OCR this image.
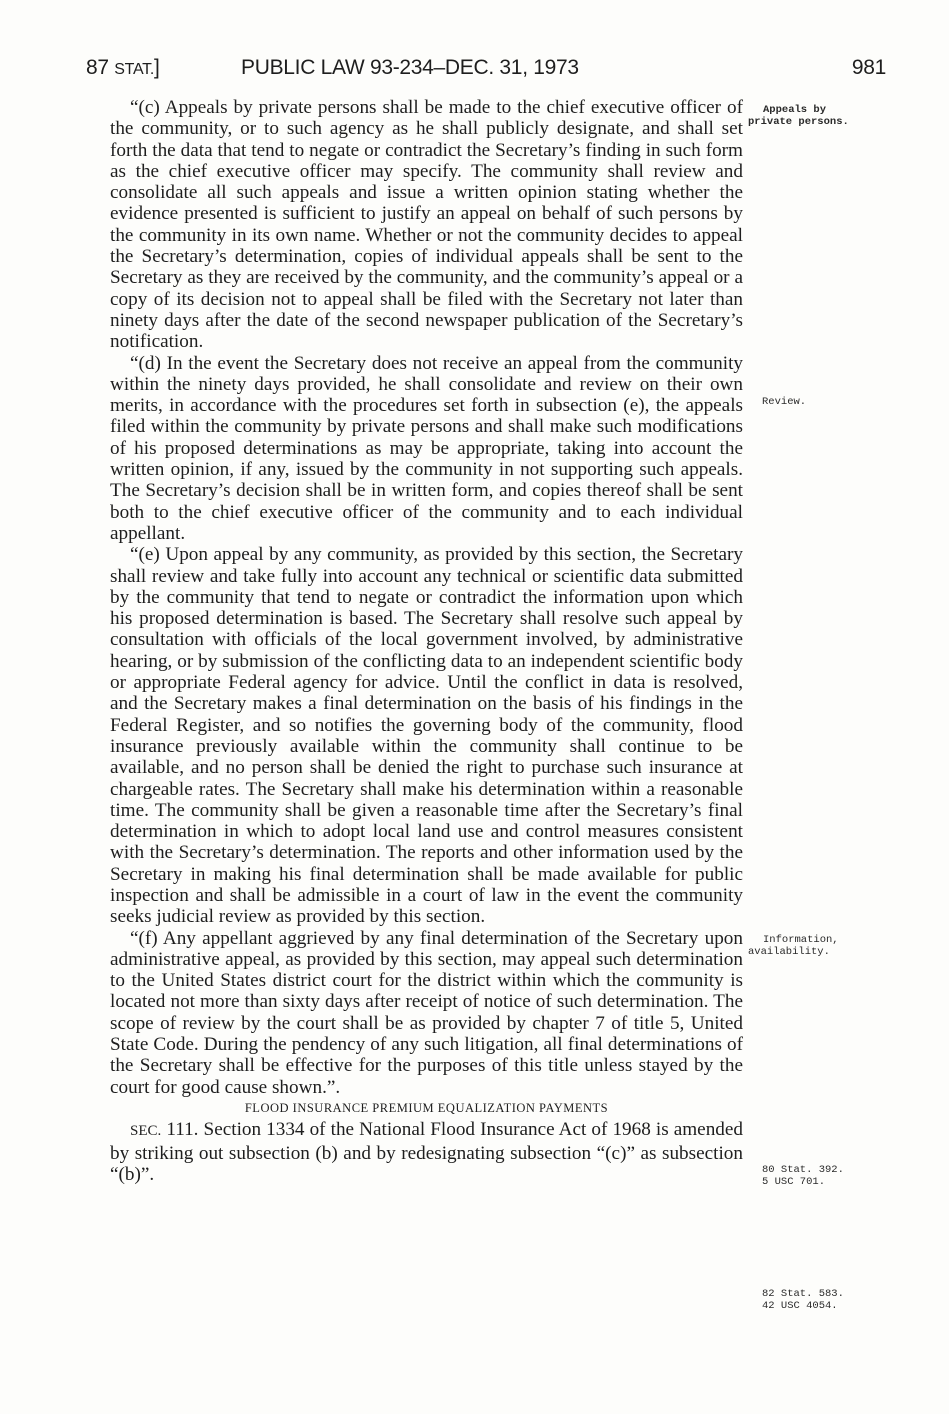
87 STAT.]	PUBLIC LAW 93-234–DEC. 31, 1973	981

“(c) Appeals by private persons shall be made to the chief executive officer of the community, or to such agency as he shall publicly designate, and shall set forth the data that tend to negate or contradict the Secretary’s finding in such form as the chief executive officer may specify. The community shall review and consolidate all such appeals and issue a written opinion stating whether the evidence presented is sufficient to justify an appeal on behalf of such persons by the community in its own name. Whether or not the community decides to appeal the Secretary’s determination, copies of individual appeals shall be sent to the Secretary as they are received by the community, and the community’s appeal or a copy of its decision not to appeal shall be filed with the Secretary not later than ninety days after the date of the second newspaper publication of the Secretary’s notification.

“(d) In the event the Secretary does not receive an appeal from the community within the ninety days provided, he shall consolidate and review on their own merits, in accordance with the procedures set forth in subsection (e), the appeals filed within the community by private persons and shall make such modifications of his proposed determinations as may be appropriate, taking into account the written opinion, if any, issued by the community in not supporting such appeals. The Secretary’s decision shall be in written form, and copies thereof shall be sent both to the chief executive officer of the community and to each individual appellant.

“(e) Upon appeal by any community, as provided by this section, the Secretary shall review and take fully into account any technical or scientific data submitted by the community that tend to negate or contradict the information upon which his proposed determination is based. The Secretary shall resolve such appeal by consultation with officials of the local government involved, by administrative hearing, or by submission of the conflicting data to an independent scientific body or appropriate Federal agency for advice. Until the conflict in data is resolved, and the Secretary makes a final determination on the basis of his findings in the Federal Register, and so notifies the governing body of the community, flood insurance previously available within the community shall continue to be available, and no person shall be denied the right to purchase such insurance at chargeable rates. The Secretary shall make his determination within a reasonable time. The community shall be given a reasonable time after the Secretary’s final determination in which to adopt local land use and control measures consistent with the Secretary’s determination. The reports and other information used by the Secretary in making his final determination shall be made available for public inspection and shall be admissible in a court of law in the event the community seeks judicial review as provided by this section.

“(f) Any appellant aggrieved by any final determination of the Secretary upon administrative appeal, as provided by this section, may appeal such determination to the United States district court for the district within which the community is located not more than sixty days after receipt of notice of such determination. The scope of review by the court shall be as provided by chapter 7 of title 5, United State Code. During the pendency of any such litigation, all final determinations of the Secretary shall be effective for the purposes of this title unless stayed by the court for good cause shown.”.

FLOOD INSURANCE PREMIUM EQUALIZATION PAYMENTS

SEC. 111. Section 1334 of the National Flood Insurance Act of 1968 is amended by striking out subsection (b) and by redesignating subsection “(c)” as subsection “(b)”.

Appeals by
private persons.
Review.
Information,
availability.
80 Stat. 392.
5 USC 701.
82 Stat. 583.
42 USC 4054.
